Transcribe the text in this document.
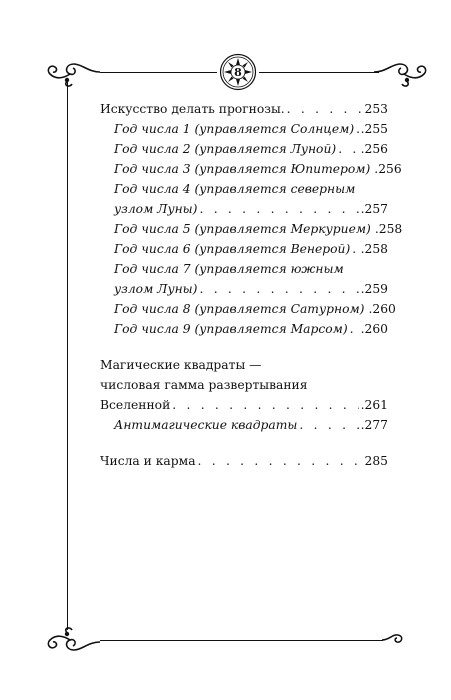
8
Искусство делать прогнозы. . . .	253
Год числа 1 (управляется Солнцем) . . . .255
Год числа 2 (управляется Луной) . . . .256
Год числа 3 (управляется Юпитером) .256
Год числа 4 (управляется северным
узлом Луны) . . .	.257
Год числа 5 (управляется Меркурием) .258
Год числа 6 (управляется Венерой) . . . .258
Год числа 7 (управляется южным
узлом Луны) . . .	.259
Год числа 8 (управляется Сатурном) .260
Год числа 9 (управляется Марсом) . . . .260
Магические квадраты —
числовая гамма развертывания
Вселенной . . .	.261
Антимагические квадраты . . .	.277
Числа и карма . . .	285
